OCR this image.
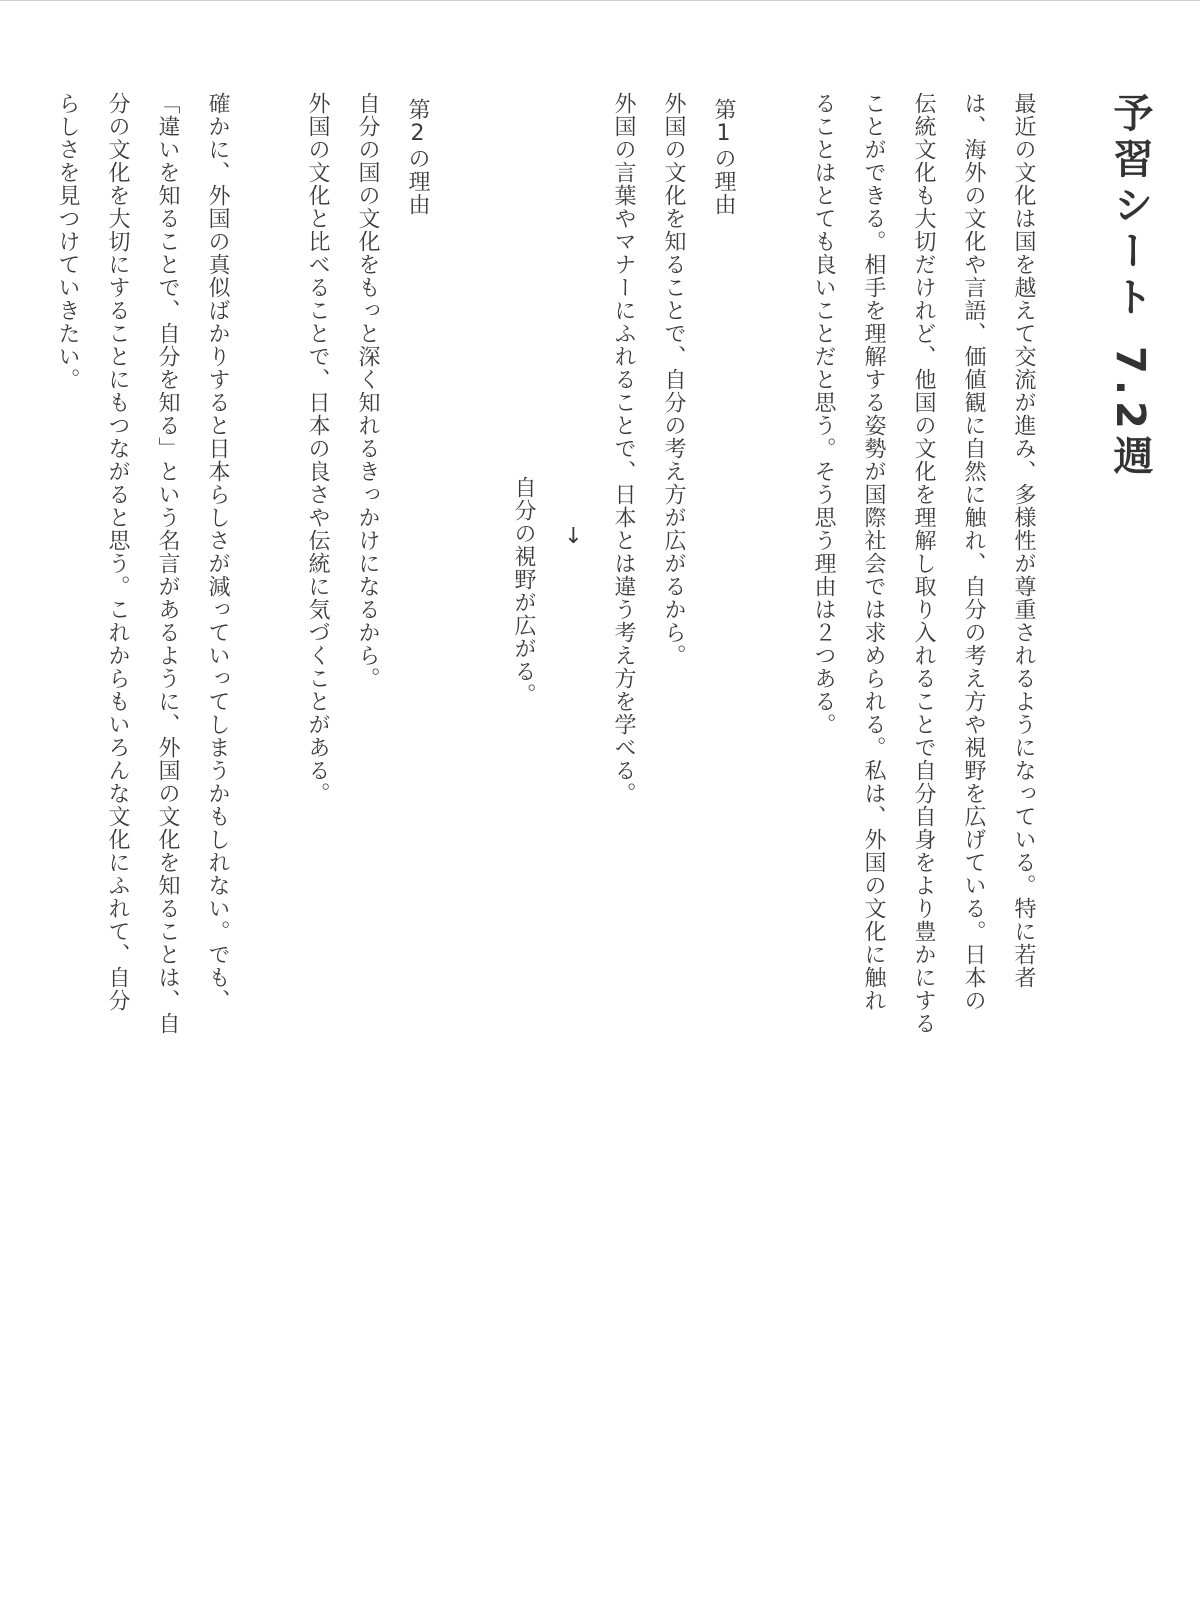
予習シート7.2週
最近の文化は国を越えて交流が進み、多様性が尊重されるようになっている。特に若者
は、海外の文化や言語、価値観に自然に触れ、自分の考え方や視野を広げている。日本の
伝統文化も大切だけれど、他国の文化を理解し取り入れることで自分自身をより豊かにする
ことができる。相手を理解する姿勢が国際社会では求められる。私は、外国の文化に触れ
ることはとても良いことだと思う。そう思う理由は２つある。
第1の理由
外国の文化を知ることで、自分の考え方が広がるから。
外国の言葉やマナーにふれることで、日本とは違う考え方を学べる。
↓
自分の視野が広がる。
第2の理由
自分の国の文化をもっと深く知れるきっかけになるから。
外国の文化と比べることで、日本の良さや伝統に気づくことがある。
確かに、外国の真似ばかりすると日本らしさが減っていってしまうかもしれない。でも、
「違いを知ることで、自分を知る」という名言があるように、外国の文化を知ることは、自
分の文化を大切にすることにもつながると思う。これからもいろんな文化にふれて、自分
らしさを見つけていきたい。
